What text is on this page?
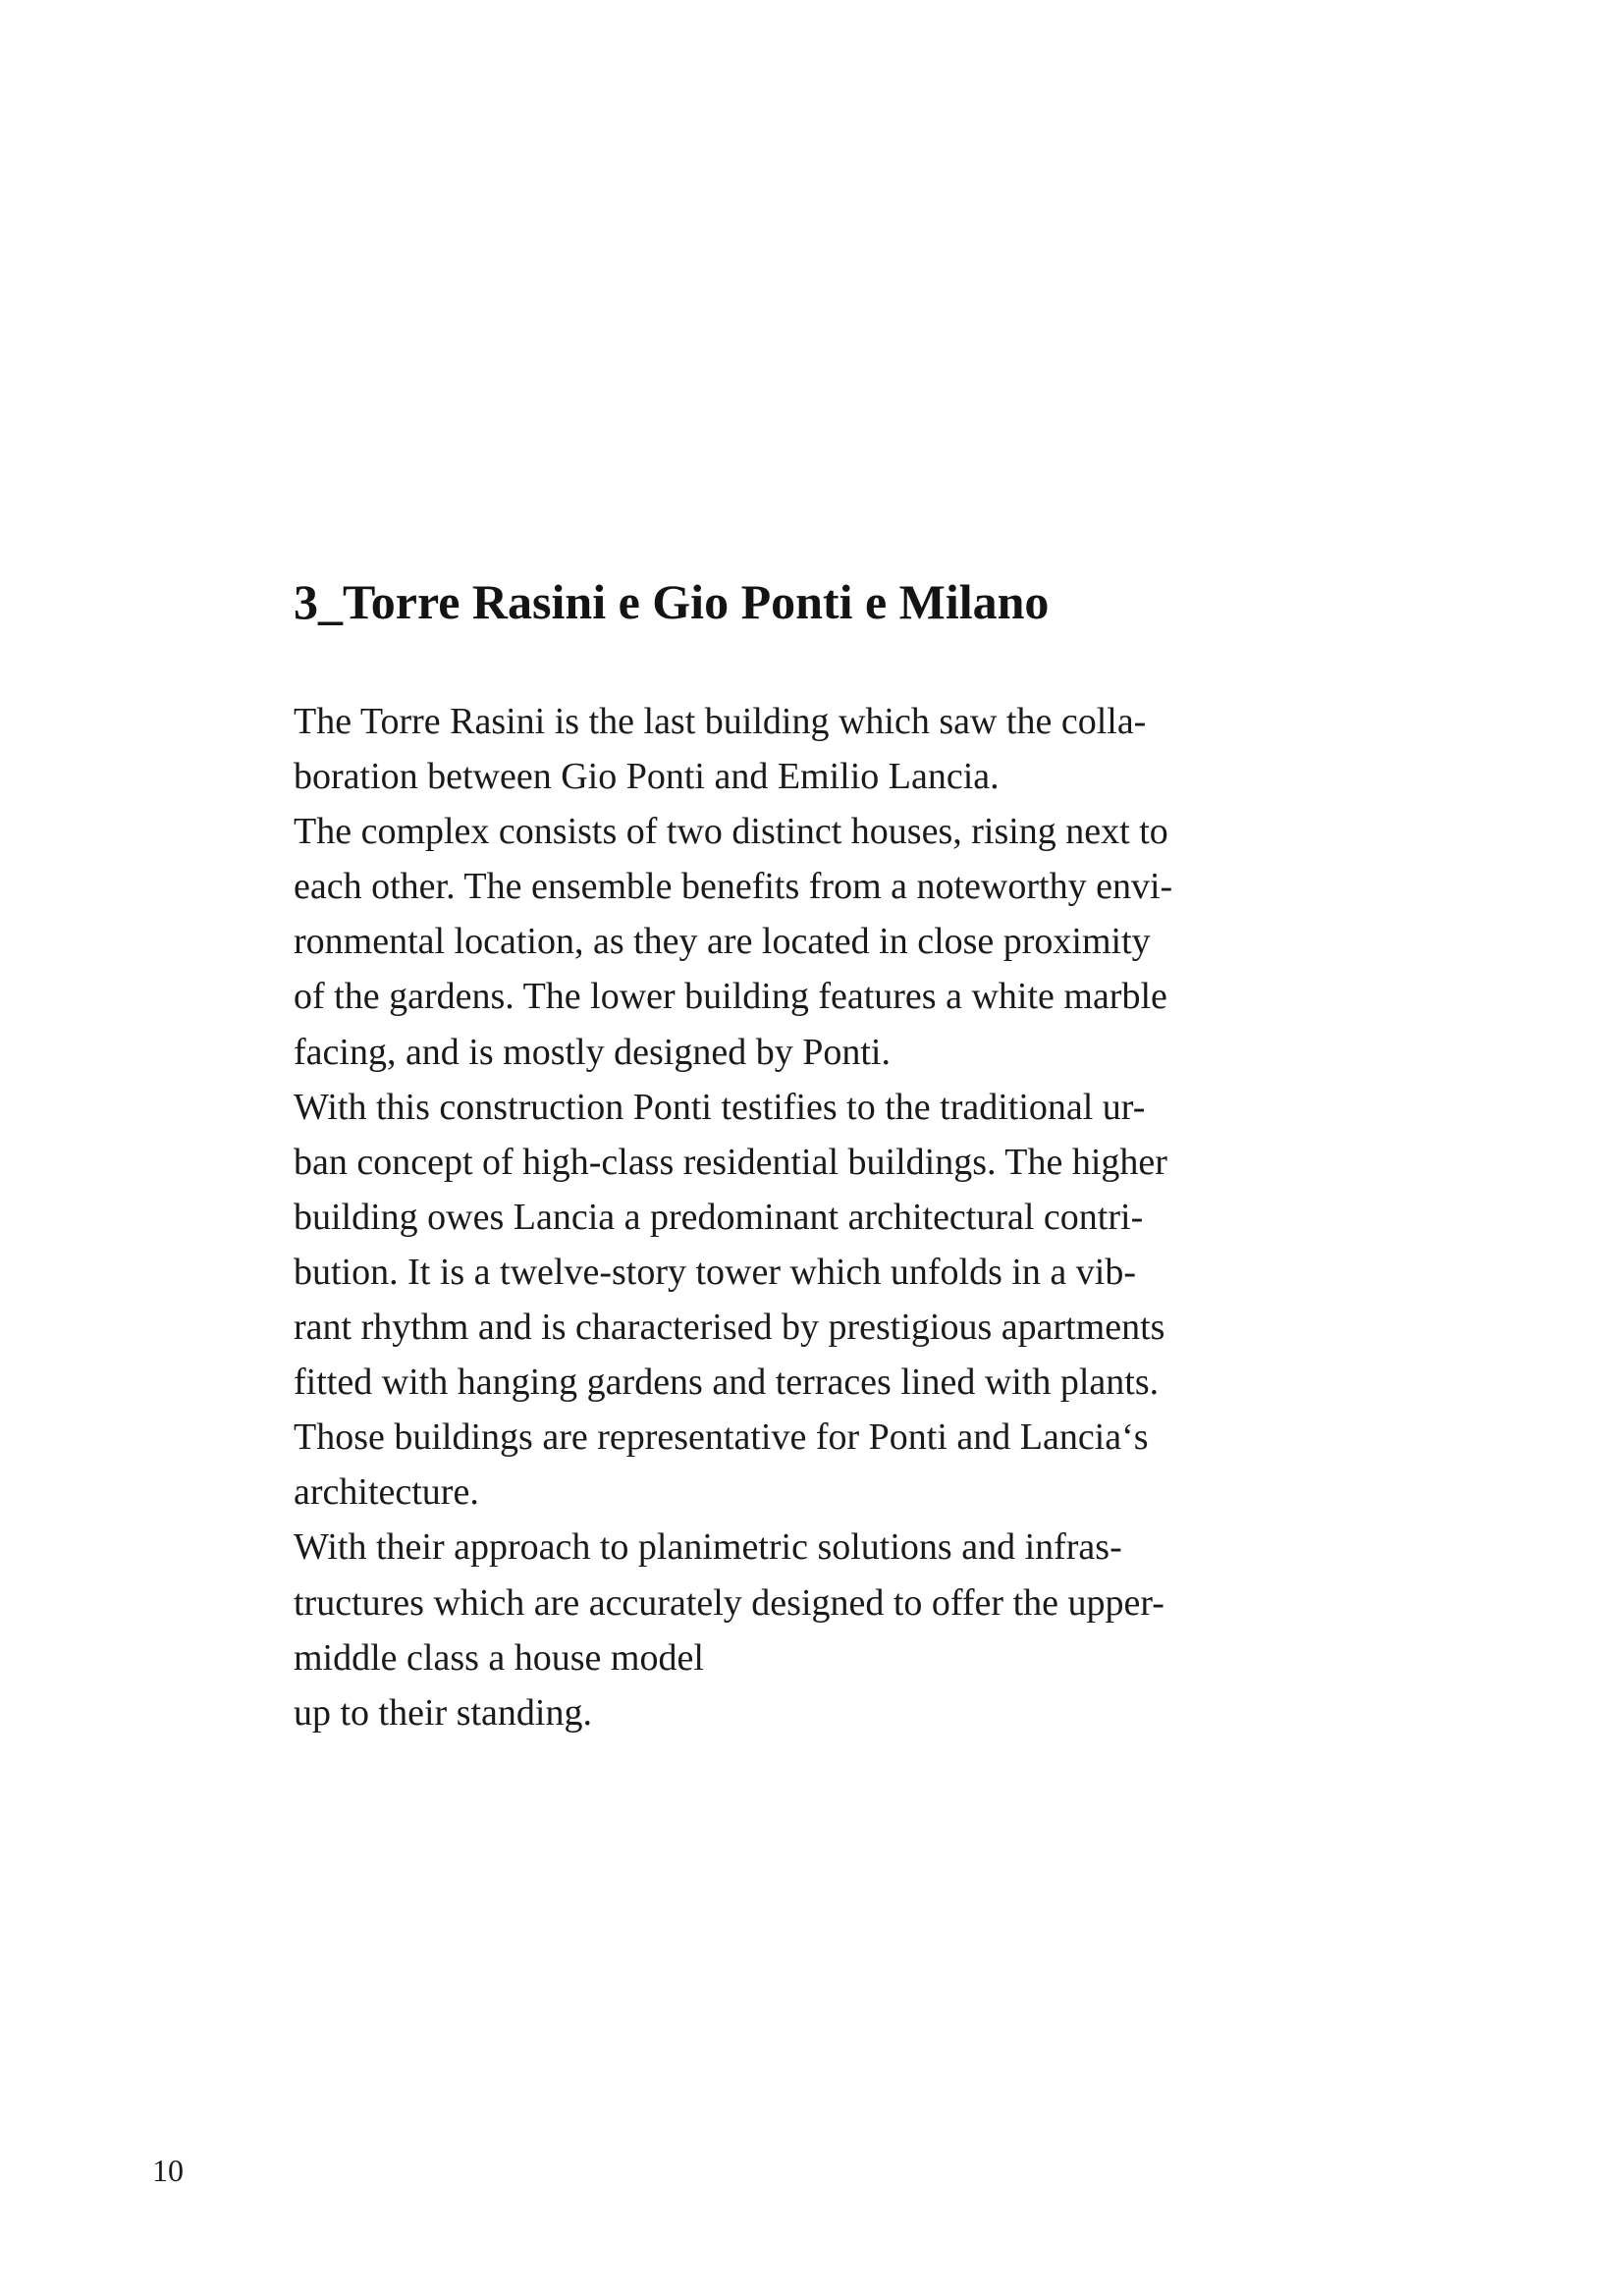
3_Torre Rasini e Gio Ponti e Milano
The Torre Rasini is the last building which saw the colla-
boration between Gio Ponti and Emilio Lancia.
The complex consists of two distinct houses, rising next to
each other. The ensemble benefits from a noteworthy envi-
ronmental location, as they are located in close proximity
of the gardens. The lower building features a white marble
facing, and is mostly designed by Ponti.
With this construction Ponti testifies to the traditional ur-
ban concept of high-class residential buildings. The higher
building owes Lancia a predominant architectural contri-
bution. It is a twelve-story tower which unfolds in a vib-
rant rhythm and is characterised by prestigious apartments
fitted with hanging gardens and terraces lined with plants.
Those buildings are representative for Ponti and Lancia‘s
architecture.
With their approach to planimetric solutions and infras-
tructures which are accurately designed to offer the upper-
middle class a house model
up to their standing.
10
